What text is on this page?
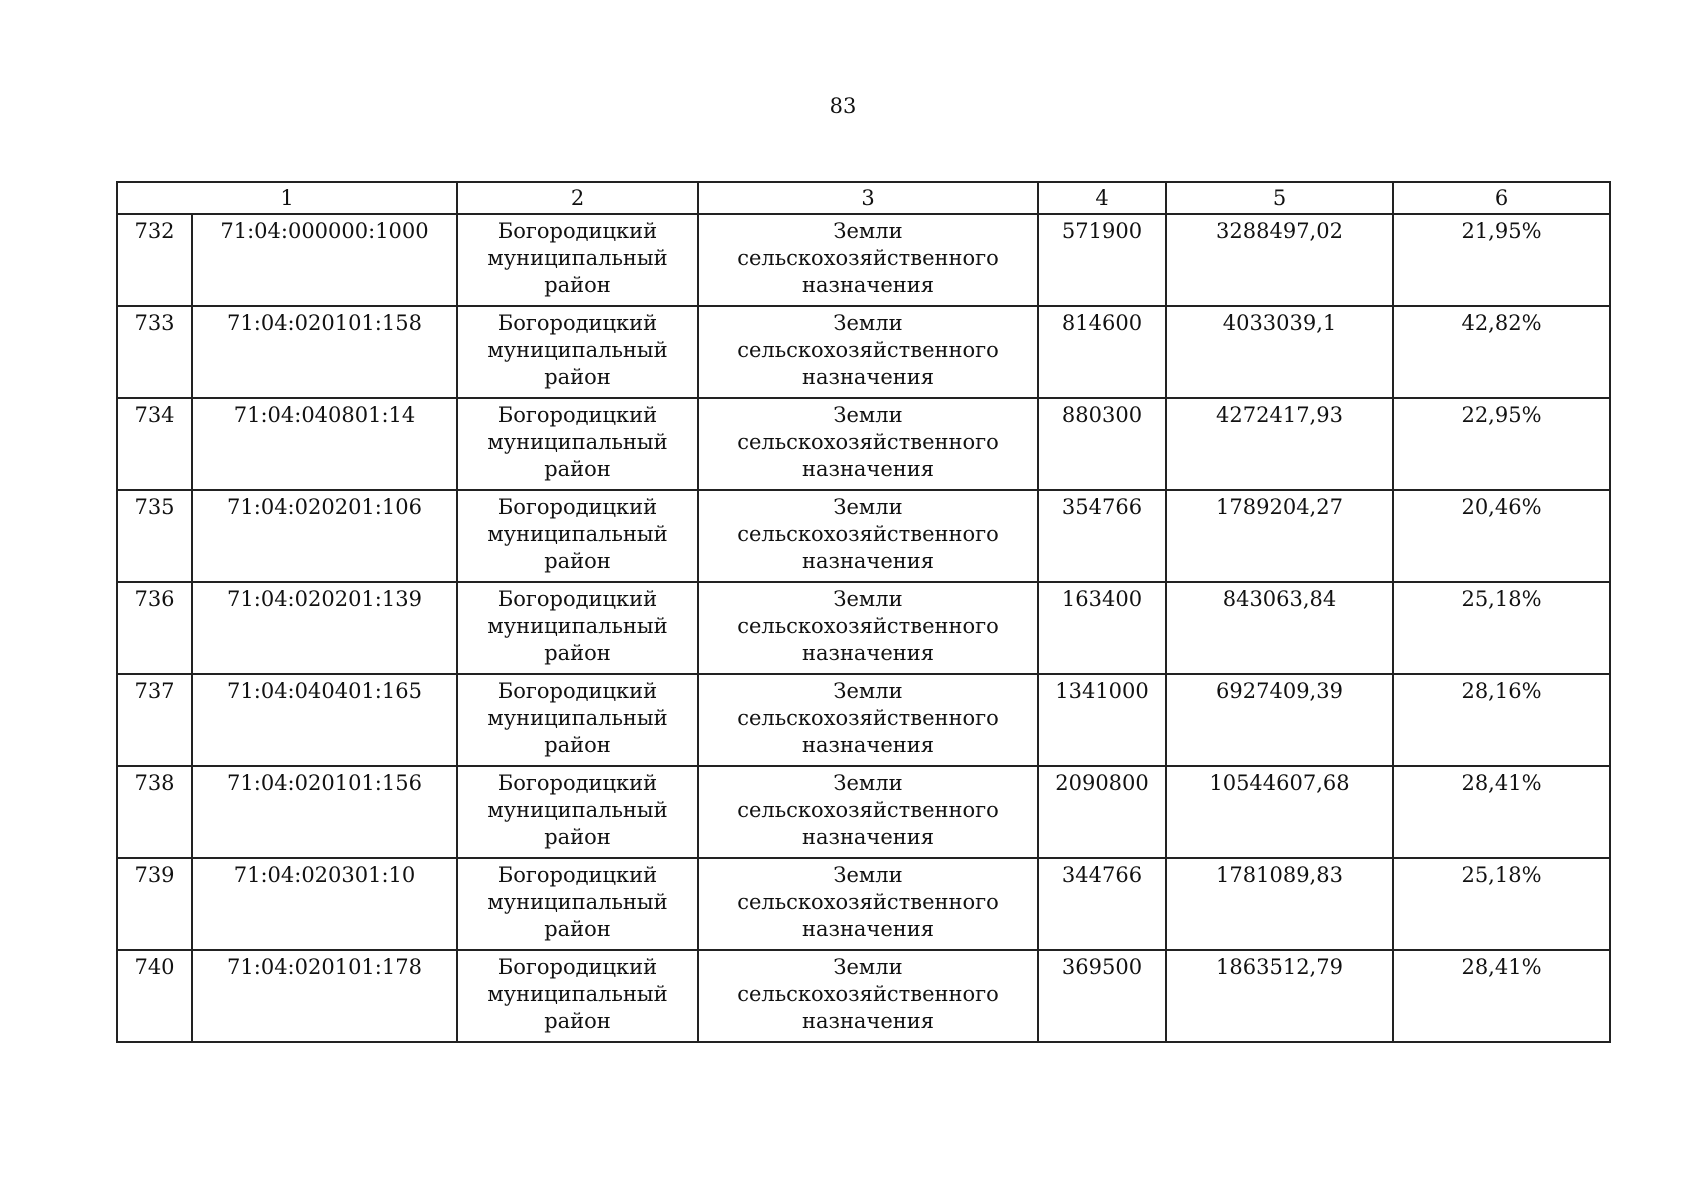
83
1		2	3	4	5	6
732	71:04:000000:1000	Богородицкий муниципальный район	Земли сельскохозяйственного назначения	571900	3288497,02	21,95%
733	71:04:020101:158	Богородицкий муниципальный район	Земли сельскохозяйственного назначения	814600	4033039,1	42,82%
734	71:04:040801:14	Богородицкий муниципальный район	Земли сельскохозяйственного назначения	880300	4272417,93	22,95%
735	71:04:020201:106	Богородицкий муниципальный район	Земли сельскохозяйственного назначения	354766	1789204,27	20,46%
736	71:04:020201:139	Богородицкий муниципальный район	Земли сельскохозяйственного назначения	163400	843063,84	25,18%
737	71:04:040401:165	Богородицкий муниципальный район	Земли сельскохозяйственного назначения	1341000	6927409,39	28,16%
738	71:04:020101:156	Богородицкий муниципальный район	Земли сельскохозяйственного назначения	2090800	10544607,68	28,41%
739	71:04:020301:10	Богородицкий муниципальный район	Земли сельскохозяйственного назначения	344766	1781089,83	25,18%
740	71:04:020101:178	Богородицкий муниципальный район	Земли сельскохозяйственного назначения	369500	1863512,79	28,41%
